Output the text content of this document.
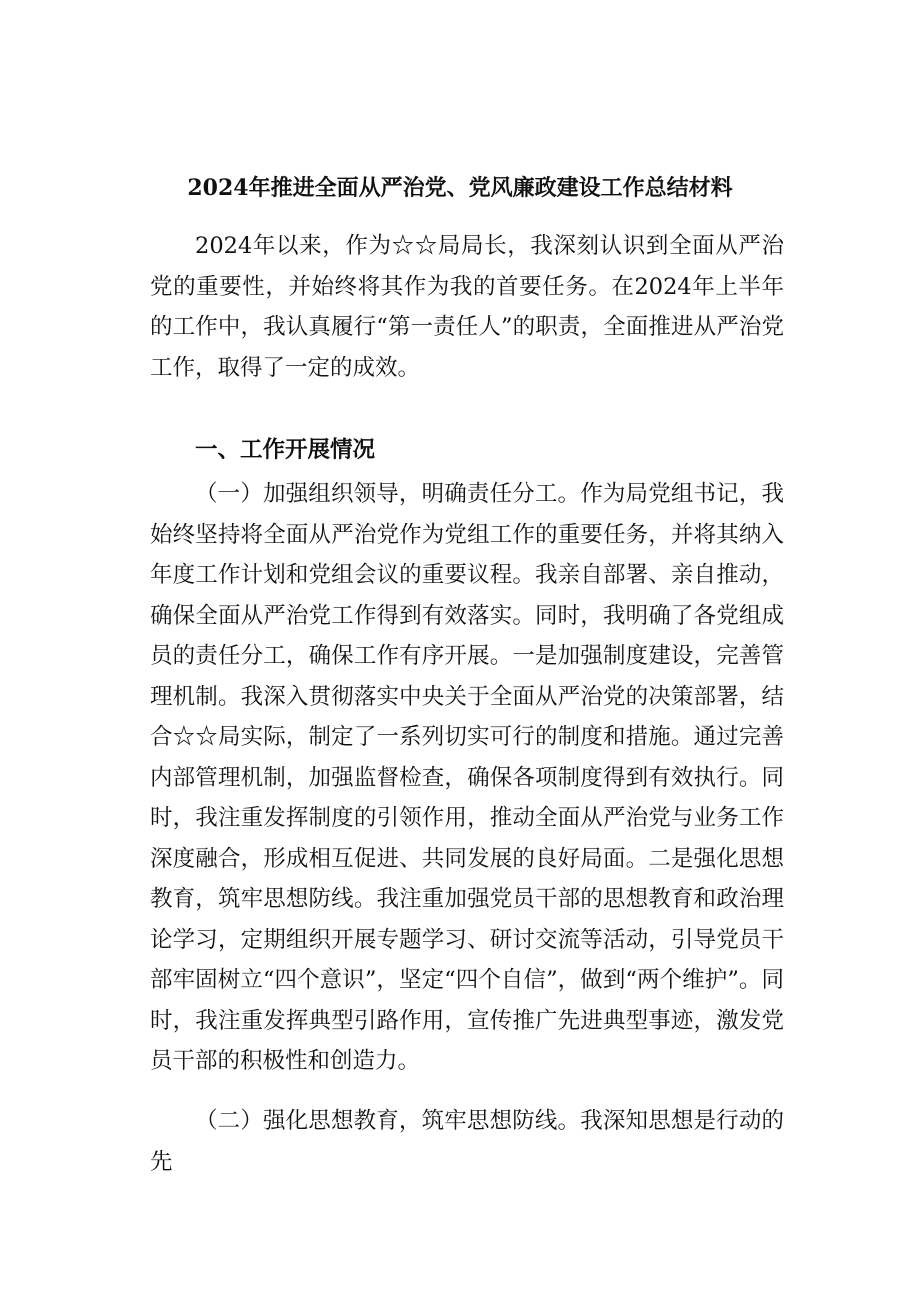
2024年推进全面从严治党、党风廉政建设工作总结材料
2024年以来，作为☆☆局局长，我深刻认识到全面从严治党的重要性，并始终将其作为我的首要任务。在2024年上半年的工作中，我认真履行“第一责任人”的职责，全面推进从严治党工作，取得了一定的成效。
一、工作开展情况
（一）加强组织领导，明确责任分工。作为局党组书记，我始终坚持将全面从严治党作为党组工作的重要任务，并将其纳入年度工作计划和党组会议的重要议程。我亲自部署、亲自推动，确保全面从严治党工作得到有效落实。同时，我明确了各党组成员的责任分工，确保工作有序开展。一是加强制度建设，完善管理机制。我深入贯彻落实中央关于全面从严治党的决策部署，结合☆☆局实际，制定了一系列切实可行的制度和措施。通过完善内部管理机制，加强监督检查，确保各项制度得到有效执行。同时，我注重发挥制度的引领作用，推动全面从严治党与业务工作深度融合，形成相互促进、共同发展的良好局面。二是强化思想教育，筑牢思想防线。我注重加强党员干部的思想教育和政治理论学习，定期组织开展专题学习、研讨交流等活动，引导党员干部牢固树立“四个意识”，坚定“四个自信”，做到“两个维护”。同时，我注重发挥典型引路作用，宣传推广先进典型事迹，激发党员干部的积极性和创造力。
（二）强化思想教育，筑牢思想防线。我深知思想是行动的先
